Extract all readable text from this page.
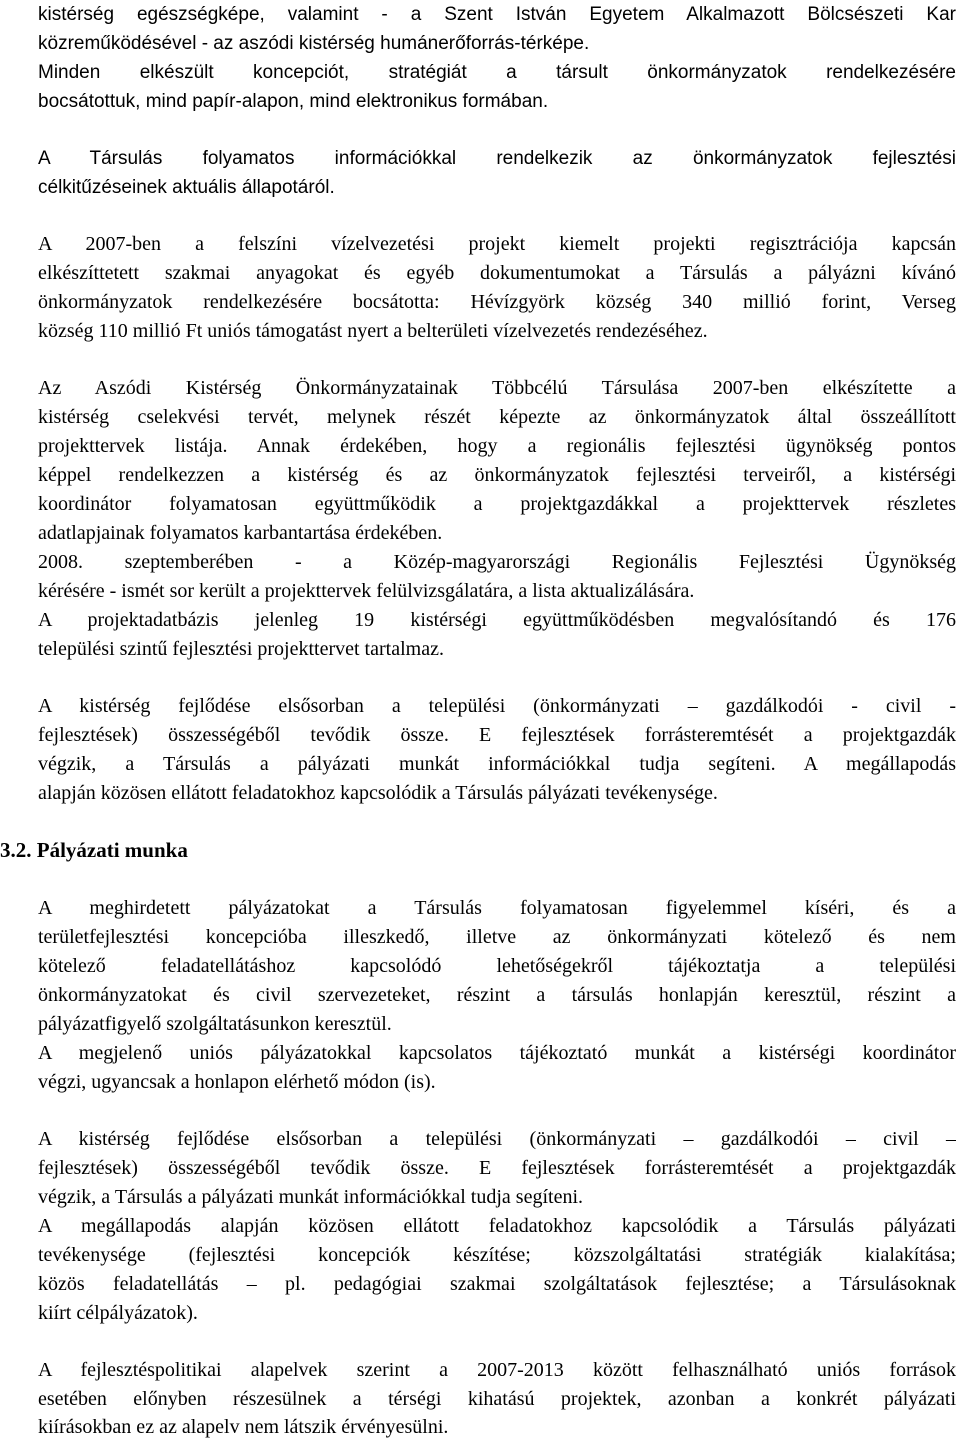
kistérség egészségképe, valamint - a Szent István Egyetem Alkalmazott Bölcsészeti Kar
közreműködésével - az aszódi kistérség humánerőforrás-térképe.
Minden elkészült koncepciót, stratégiát a társult önkormányzatok rendelkezésére
bocsátottuk, mind papír-alapon, mind elektronikus formában.
A Társulás folyamatos információkkal rendelkezik az önkormányzatok fejlesztési
célkitűzéseinek aktuális állapotáról.
A 2007-ben a felszíni vízelvezetési projekt kiemelt projekti regisztrációja kapcsán
elkészíttetett szakmai anyagokat és egyéb dokumentumokat a Társulás a pályázni kívánó
önkormányzatok rendelkezésére bocsátotta: Hévízgyörk község 340 millió forint, Verseg
község 110 millió Ft uniós támogatást nyert a belterületi vízelvezetés rendezéséhez.
Az Aszódi Kistérség Önkormányzatainak Többcélú Társulása 2007-ben elkészítette a
kistérség cselekvési tervét, melynek részét képezte az önkormányzatok által összeállított
projekttervek listája. Annak érdekében, hogy a regionális fejlesztési ügynökség pontos
képpel rendelkezzen a kistérség és az önkormányzatok fejlesztési terveiről, a kistérségi
koordinátor folyamatosan együttműködik a projektgazdákkal a projekttervek részletes
adatlapjainak folyamatos karbantartása érdekében.
2008. szeptemberében - a Közép-magyarországi Regionális Fejlesztési Ügynökség
kérésére - ismét sor került a projekttervek felülvizsgálatára, a lista aktualizálására.
A projektadatbázis jelenleg 19 kistérségi együttműködésben megvalósítandó és 176
települési szintű fejlesztési projekttervet tartalmaz.
A kistérség fejlődése elsősorban a települési (önkormányzati – gazdálkodói - civil -
fejlesztések) összességéből tevődik össze. E fejlesztések forrásteremtését a projektgazdák
végzik, a Társulás a pályázati munkát információkkal tudja segíteni. A megállapodás
alapján közösen ellátott feladatokhoz kapcsolódik a Társulás pályázati tevékenysége.
3.2. Pályázati munka
A meghirdetett pályázatokat a Társulás folyamatosan figyelemmel kíséri, és a
területfejlesztési koncepcióba illeszkedő, illetve az önkormányzati kötelező és nem
kötelező feladatellátáshoz kapcsolódó lehetőségekről tájékoztatja a települési
önkormányzatokat és civil szervezeteket, részint a társulás honlapján keresztül, részint a
pályázatfigyelő szolgáltatásunkon keresztül.
A megjelenő uniós pályázatokkal kapcsolatos tájékoztató munkát a kistérségi koordinátor
végzi, ugyancsak a honlapon elérhető módon (is).
A kistérség fejlődése elsősorban a települési (önkormányzati – gazdálkodói – civil –
fejlesztések) összességéből tevődik össze. E fejlesztések forrásteremtését a projektgazdák
végzik, a Társulás a pályázati munkát információkkal tudja segíteni.
A megállapodás alapján közösen ellátott feladatokhoz kapcsolódik a Társulás pályázati
tevékenysége (fejlesztési koncepciók készítése; közszolgáltatási stratégiák kialakítása;
közös feladatellátás – pl. pedagógiai szakmai szolgáltatások fejlesztése; a Társulásoknak
kiírt célpályázatok).
A fejlesztéspolitikai alapelvek szerint a 2007-2013 között felhasználható uniós források
esetében előnyben részesülnek a térségi kihatású projektek, azonban a konkrét pályázati
kiírásokban ez az alapelv nem látszik érvényesülni.
